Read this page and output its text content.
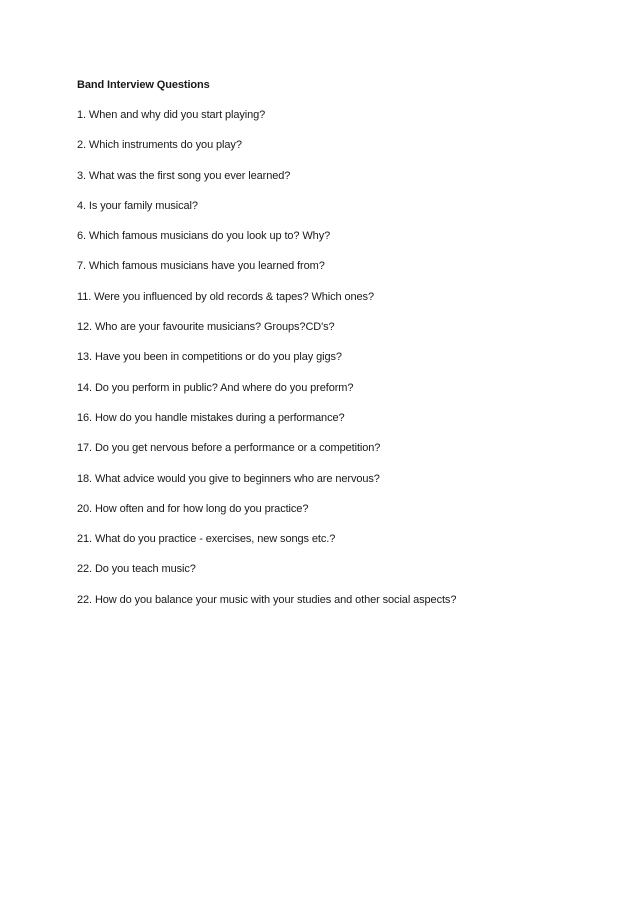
Band Interview Questions
1. When and why did you start playing?
2. Which instruments do you play?
3. What was the first song you ever learned?
4. Is your family musical?
6. Which famous musicians do you look up to? Why?
7. Which famous musicians have you learned from?
11. Were you influenced by old records & tapes? Which ones?
12. Who are your favourite musicians? Groups?CD's?
13. Have you been in competitions or do you play gigs?
14. Do you perform in public? And where do you preform?
16. How do you handle mistakes during a performance?
17. Do you get nervous before a performance or a competition?
18. What advice would you give to beginners who are nervous?
20. How often and for how long do you practice?
21. What do you practice - exercises, new songs etc.?
22. Do you teach music?
22. How do you balance your music with your studies and other social aspects?
